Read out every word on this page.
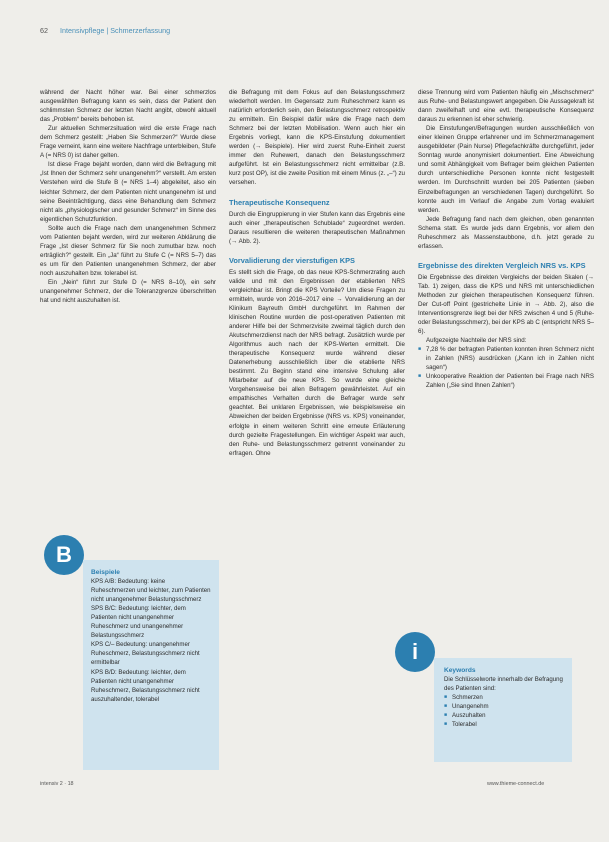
62 Intensivpflege | Schmerzerfassung

während der Nacht höher war. Bei einer schmerzlos ausgewählten Befragung kann es sein, dass der Patient den schlimmsten Schmerz der letzten Nacht angibt, obwohl aktuell das „Problem“ bereits behoben ist.

Zur aktuellen Schmerzsituation wird die erste Frage nach dem Schmerz gestellt: „Haben Sie Schmerzen?“ Wurde diese Frage verneint, kann eine weitere Nachfrage unterbleiben, Stufe A (= NRS 0) ist daher gelten.

Ist diese Frage bejaht worden, dann wird die Befragung mit „Ist Ihnen der Schmerz sehr unangenehm?“ verstellt. Am ersten Verstehen wird die Stufe B (= NRS 1–4) abgeleitet, also ein leichter Schmerz, der dem Patienten nicht unangenehm ist und seine Beeinträchtigung, dass eine Behandlung dem Schmerz nicht als „physiologischer und gesunder Schmerz“ im Sinne des eigentlichen Schutzfunktion.

Sollte auch die Frage nach dem unangenehmen Schmerz vom Patienten bejaht werden, wird zur weiteren Abklärung die Frage „Ist dieser Schmerz für Sie noch zumutbar bzw. noch erträglich?“ gestellt. Ein „Ja“ führt zu Stufe C (= NRS 5–7) das es um für den Patienten unangenehmen Schmerz, der aber noch auszuhalten bzw. tolerabel ist.

Ein „Nein“ führt zur Stufe D (= NRS 8–10), ein sehr unangenehmer Schmerz, der die Toleranzgrenze überschritten hat und nicht auszuhalten ist.

B
Beispiele
KPS A/B: Bedeutung: keine Ruheschmerzen und leichter, zum Patienten nicht unangenehmer Belastungsschmerz
SPS B/C: Bedeutung: leichter, dem Patienten nicht unangenehmer Ruheschmerz und unangenehmer Belastungsschmerz
KPS C/– Bedeutung: unangenehmer Ruheschmerz, Belastungsschmerz nicht ermittelbar
KPS B/D: Bedeutung: leichter, dem Patienten nicht unangenehmer Ruheschmerz, Belastungsschmerz nicht auszuhaltender, tolerabel

die Befragung mit dem Fokus auf den Belastungsschmerz wiederholt werden. Im Gegensatz zum Ruheschmerz kann es natürlich erforderlich sein, den Belastungsschmerz retrospektiv zu ermitteln. Ein Beispiel dafür wäre die Frage nach dem Schmerz bei der letzten Mobilisation. Wenn auch hier ein Ergebnis vorliegt, kann die KPS-Einstufung dokumentiert werden (→ Beispiele). Hier wird zuerst Ruhe-Einheit zuerst immer den Ruhewert, danach den Belastungsschmerz aufgeführt. Ist ein Belastungsschmerz nicht ermittelbar (z.B. kurz post OP), ist die zweite Position mit einem Minus (z. „–“) zu versehen.

Therapeutische Konsequenz

Durch die Eingruppierung in vier Stufen kann das Ergebnis eine auch einer „therapeutischen Schublade“ zugeordnet werden. Daraus resultieren die weiteren therapeutischen Maßnahmen (→ Abb. 2).

Vorvalidierung der vierstufigen KPS

Es stellt sich die Frage, ob das neue KPS-Schmerzrating auch valide und mit den Ergebnissen der etablierten NRS vergleichbar ist. Bringt die KPS Vorteile? Um diese Fragen zu ermitteln, wurde von 2016–2017 eine → Vorvalidierung an der Klinikum Bayreuth GmbH durchgeführt. Im Rahmen der klinischen Routine wurden die post-operativen Patienten mit anderer Hilfe bei der Schmerzvisite zweimal täglich durch den Akutschmerzdienst nach der NRS befragt. Zusätzlich wurde per Algorithmus auch nach der KPS-Werten ermittelt. Die therapeutische Konsequenz wurde während dieser Datenerhebung ausschließlich über die etablierte NRS bestimmt. Zu Beginn stand eine intensive Schulung aller Mitarbeiter auf die neue KPS. So wurde eine gleiche Vorgehensweise bei allen Befragern gewährleistet. Auf ein empathisches Verhalten durch die Befrager wurde sehr geachtet. Bei unklaren Ergebnissen, wie beispielsweise ein Abweichen der beiden Ergebnisse (NRS vs. KPS) voneinander, erfolgte in einem weiteren Schritt eine erneute Erläuterung durch gezielte Fragestellungen. Ein wichtiger Aspekt war auch, den Ruhe- und Belastungsschmerz getrennt voneinander zu erfragen. Ohne

diese Trennung wird vom Patienten häufig ein „Mischschmerz“ aus Ruhe- und Belastungswert angegeben. Die Aussagekraft ist dann zweifelhaft und eine evtl. therapeutische Konsequenz daraus zu erkennen ist eher schwierig.

Die Einstufungen/Befragungen wurden ausschließlich von einer kleinen Gruppe erfahrener und im Schmerzmanagement ausgebildeter (Pain Nurse) Pflegefachkräfte durchgeführt, jeder Sonntag wurde anonymisiert dokumentiert. Eine Abweichung und somit Abhängigkeit vom Befrager beim gleichen Patienten durch unterschiedliche Personen konnte nicht festgestellt werden. Im Durchschnitt wurden bei 205 Patienten (sieben Einzelbefragungen an verschiedenen Tagen) durchgeführt. So konnte auch im Verlauf die Angabe zum Vortag evaluiert werden.

Jede Befragung fand nach dem gleichen, oben genannten Schema statt. Es wurde jeds dann Ergebnis, vor allem den Ruheschmerz als Massenstaubbone, d.h. jetzt gerade zu erfassen.

Ergebnisse des direkten Vergleich NRS vs. KPS

Die Ergebnisse des direkten Vergleichs der beiden Skalen (→ Tab. 1) zeigen, dass die KPS und NRS mit unterschiedlichen Methoden zur gleichen therapeutischen Konsequenz führen. Der Cut-off Point (gestrichelte Linie in → Abb. 2), also die Interventionsgrenze liegt bei der NRS zwischen 4 und 5 (Ruhe- oder Belastungsschmerz), bei der KPS ab C (entspricht NRS 5–6).

Aufgezeigte Nachteile der NRS sind:

■ 7,28 % der befragten Patienten konnten ihren Schmerz nicht in Zahlen (NRS) ausdrücken („Kann ich in Zahlen nicht sagen“)
■ Unkooperative Reaktion der Patienten bei Frage nach NRS Zahlen („Sie sind Ihnen Zahlen“)
i
Keywords
Die Schlüsselworte innerhalb der Befragung des Patienten sind:
■ Schmerzen
■ Unangenehm
■ Auszuhalten
■ Tolerabel
intensiv 2 · 18	www.thieme-connect.de
